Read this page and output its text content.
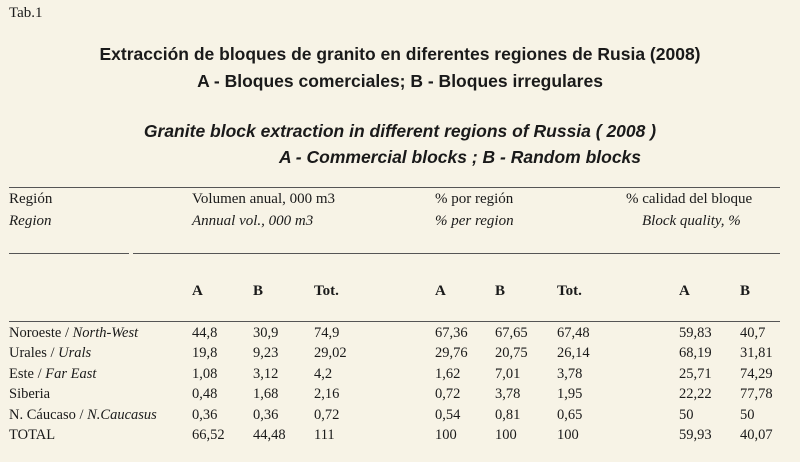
Tab.1
Extracción de bloques de granito en diferentes regiones de Rusia (2008)
A - Bloques comerciales; B - Bloques irregulares
Granite block extraction in different regions of Russia ( 2008 )
A - Commercial blocks ; B - Random blocks
Región
Region
Volumen anual, 000 m3
Annual vol., 000 m3
% por región
% per region
% calidad del bloque
Block quality, %
A	B	Tot.	A	B	Tot.	A	B
Noroeste / North-West	44,8 30,9 74,9	67,36 67,65 67,48	59,83 40,7
Urales / Urals	19,8 9,23 29,02	29,76 20,75 26,14	68,19 31,81
Este / Far East	1,08 3,12 4,2	1,62 7,01	3,78	25,71 74,29
Siberia	0,48 1,68 2,16	0,72 3,78	1,95	22,22 77,78
N. Cáucaso / N.Caucasus 0,36 0,36 0,72	0,54 0,81	0,65	50	50
TOTAL	66,52 44,48 111	100	100	100	59,93 40,07
